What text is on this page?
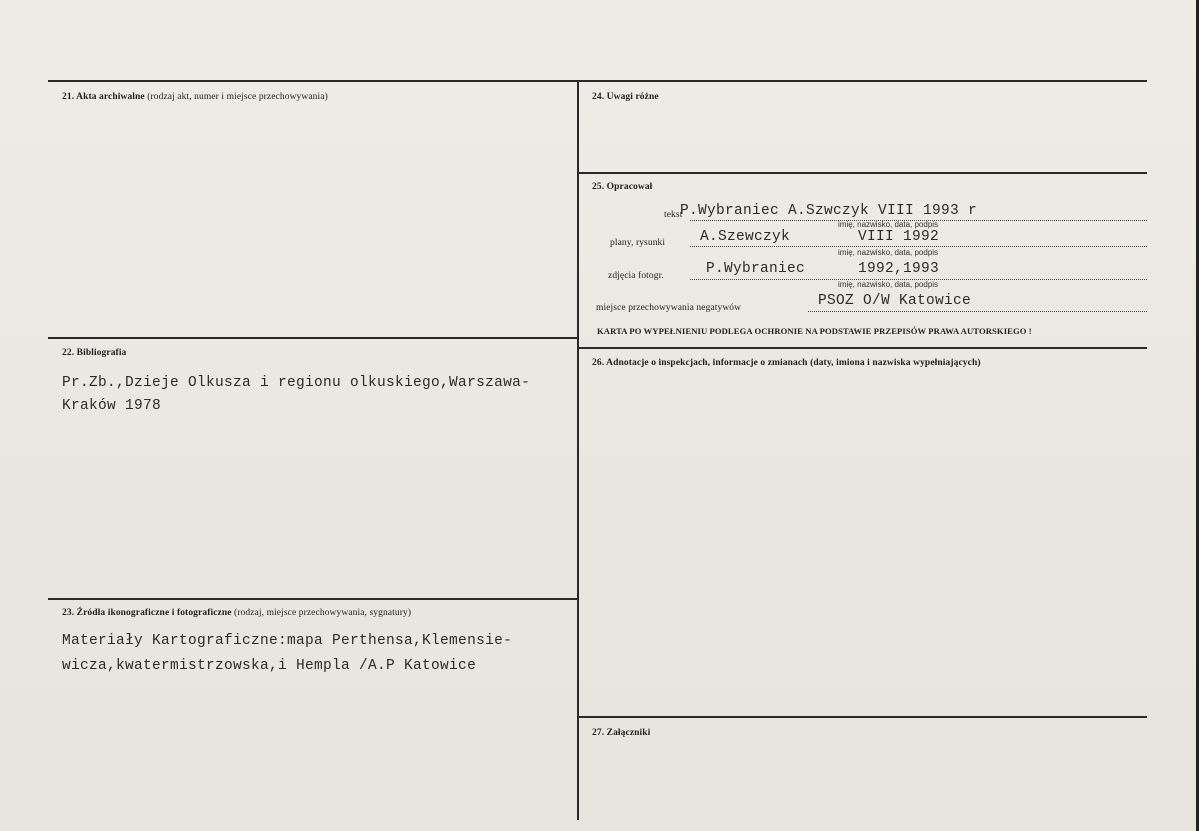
21. Akta archiwalne (rodzaj akt, numer i miejsce przechowywania)
22. Bibliografia
Pr.Zb.,Dzieje Olkusza i regionu olkuskiego,Warszawa-
Kraków 1978
23. Źródła ikonograficzne i fotograficzne (rodzaj, miejsce przechowywania, sygnatury)
Materiały Kartograficzne:mapa Perthensa,Klemensie-
wicza,kwatermistrzowska,i Hempla /A.P Katowice
24. Uwagi różne
25. Opracował
tekst
P.Wybraniec A.Szwczyk VIII 1993 r
imię, nazwisko, data, podpis
plany, rysunki A.Szewczyk	VIII 1992
imię, nazwisko, data, podpis
zdjęcia fotogr.	P.Wybraniec	1992,1993
imię, nazwisko, data, podpis
miejsce przechowywania negatywów	PSOZ O/W Katowice
KARTA PO WYPEŁNIENIU PODLEGA OCHRONIE NA PODSTAWIE PRZEPISÓW PRAWA AUTORSKIEGO !
26. Adnotacje o inspekcjach, informacje o zmianach (daty, imiona i nazwiska wypełniających)
27. Załączniki
